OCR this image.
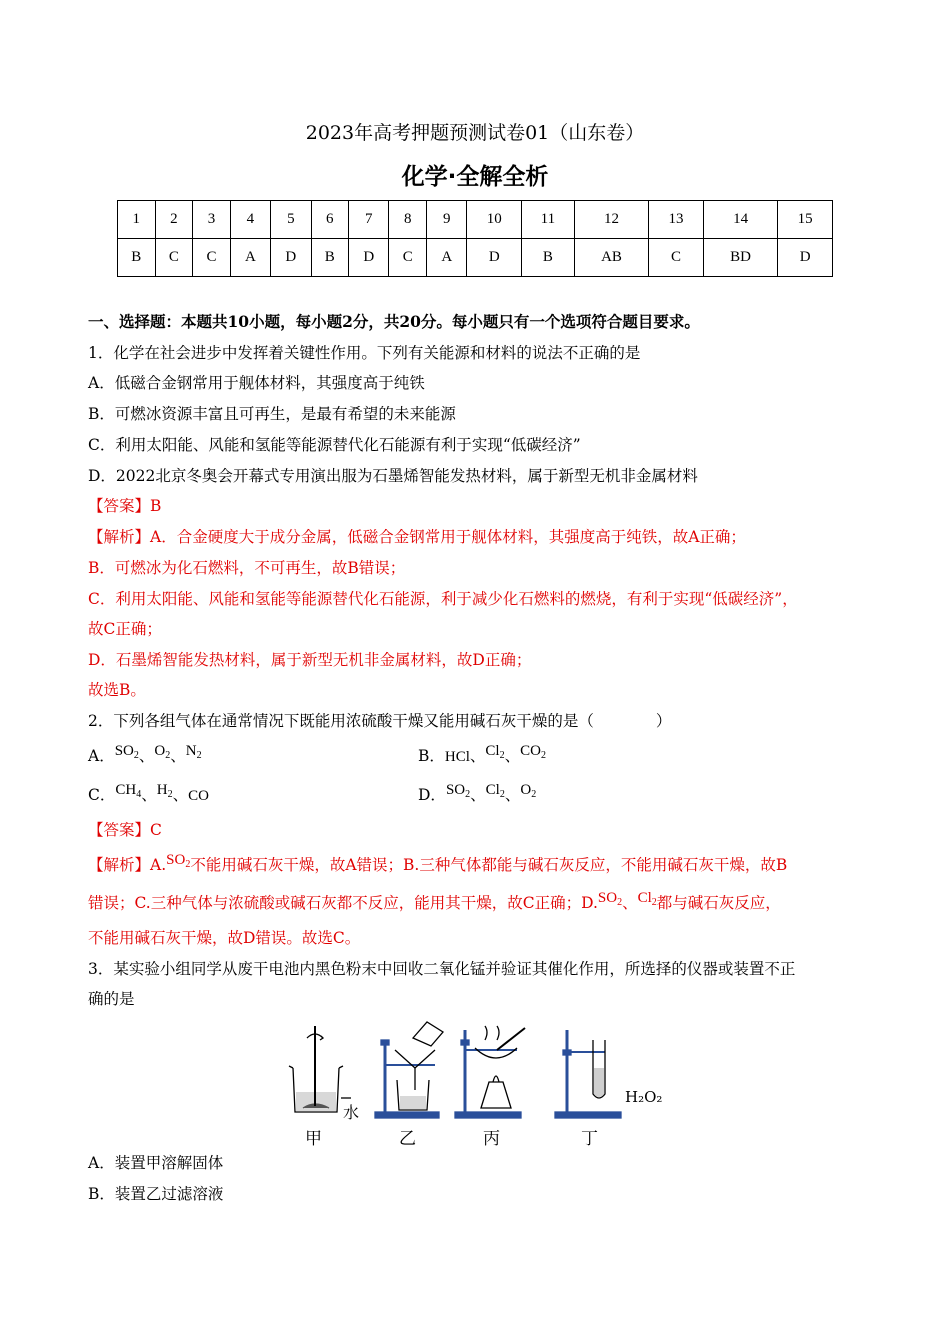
2023年高考押题预测试卷01（山东卷）
化学·全解全析
1	2	3	4	5	6	7	8	9	10	11	12	13	14	15
B	C	C	A	D	B	D	C	A	D	B	AB	C	BD	D
一、选择题：本题共10小题，每小题2分，共20分。每小题只有一个选项符合题目要求。
1．化学在社会进步中发挥着关键性作用。下列有关能源和材料的说法不正确的是
A．低磁合金钢常用于舰体材料，其强度高于纯铁
B．可燃冰资源丰富且可再生，是最有希望的未来能源
C．利用太阳能、风能和氢能等能源替代化石能源有利于实现“低碳经济”
D．2022北京冬奥会开幕式专用演出服为石墨烯智能发热材料，属于新型无机非金属材料
【答案】B
【解析】A．合金硬度大于成分金属，低磁合金钢常用于舰体材料，其强度高于纯铁，故A正确；
B．可燃冰为化石燃料，不可再生，故B错误；
C．利用太阳能、风能和氢能等能源替代化石能源，利于减少化石燃料的燃烧，有利于实现“低碳经济”，
故C正确；
D．石墨烯智能发热材料，属于新型无机非金属材料，故D正确；
故选B。
2．下列各组气体在通常情况下既能用浓硫酸干燥又能用碱石灰干燥的是（　　　　）
A．$SO_2$、$O_2$、$N_2$	B．HCl、$Cl_2$、$CO_2$
C．$CH_4$、$H_2$、CO	D．$SO_2$、$Cl_2$、$O_2$
【答案】C
【解析】$A.SO_2$不能用碱石灰干燥，故A错误；B.三种气体都能与碱石灰反应，不能用碱石灰干燥，故B
错误；C.三种气体与浓硫酸或碱石灰都不反应，能用其干燥，故C正确；$D.SO_2$、$Cl_2$都与碱石灰反应，
不能用碱石灰干燥，故D错误。故选C。
3．某实验小组同学从废干电池内黑色粉末中回收二氧化锰并验证其催化作用，所选择的仪器或装置不正
确的是
水
H₂O₂
甲	乙	丙	丁
A．装置甲溶解固体
B．装置乙过滤溶液
